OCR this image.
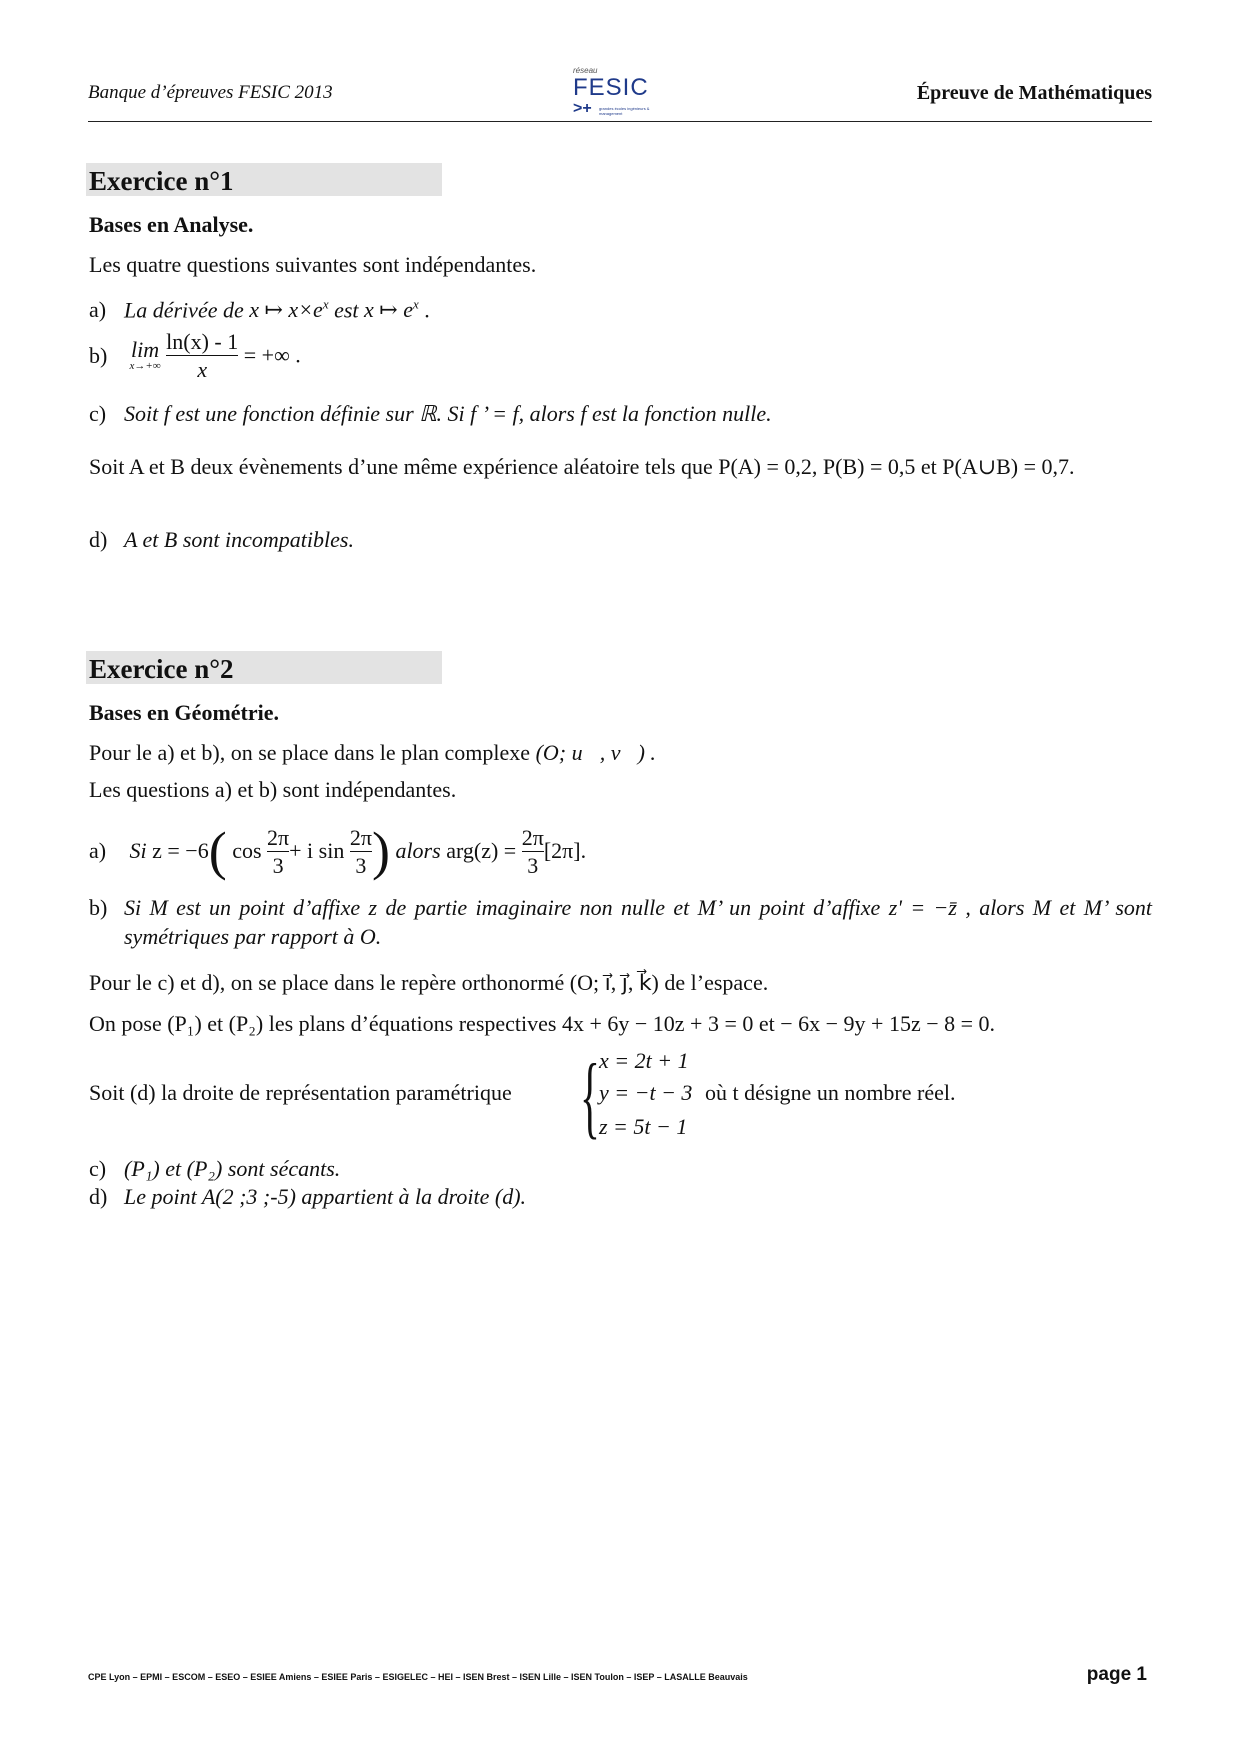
Banque d’épreuves FESIC 2013
réseau
FESIC
>+ grandes écoles ingénieurs & management
Épreuve de Mathématiques
Exercice n°1
Bases en Analyse.
Les quatre questions suivantes sont indépendantes.
a) La dérivée de x ↦ $x\times e^x$ est x ↦ $e^x$ .
b) lim
x→+∞
$\frac{\ln(x) - 1}{x}$ = +∞ .
c) Soit f est une fonction définie sur ℝ. Si f ’ = f, alors f est la fonction nulle.
Soit A et B deux évènements d’une même expérience aléatoire tels que P(A) = 0,2, P(B) = 0,5 et P(A∪B) = 0,7.
d) A et B sont incompatibles.
Exercice n°2
Bases en Géométrie.
Pour le a) et b), on se place dans le plan complexe (O; u⃗, v⃗) .
Les questions a) et b) sont indépendantes.
a) Si z = −6( $\cos \frac{2\pi}{3} + i$ $\sin \frac{2\pi}{3}$ ) alors $arg(z) = \frac{2\pi}{3} [2\pi]$.
b) Si M est un point d’affixe z de partie imaginaire non nulle et M’ un point d’affixe z' = −z̄ , alors M et M’ sont symétriques par rapport à O.
Pour le c) et d), on se place dans le repère orthonormé (O; i⃗, j⃗, k⃗) de l’espace.
On pose (P₁) et (P₂) les plans d’équations respectives 4x + 6y − 10z + 3 = 0 et − 6x − 9y + 15z − 8 = 0.
Soit (d) la droite de représentation paramétrique { x = 2t + 1
y = −t − 3
z = 5t − 1
où t désigne un nombre réel.
c) (P₁) et (P₂) sont sécants.
d) Le point A(2 ;3 ;-5) appartient à la droite (d).
CPE Lyon – EPMI – ESCOM – ESEO – ESIEE Amiens – ESIEE Paris – ESIGELEC – HEI – ISEN Brest – ISEN Lille – ISEN Toulon – ISEP – LASALLE Beauvais	page 1
